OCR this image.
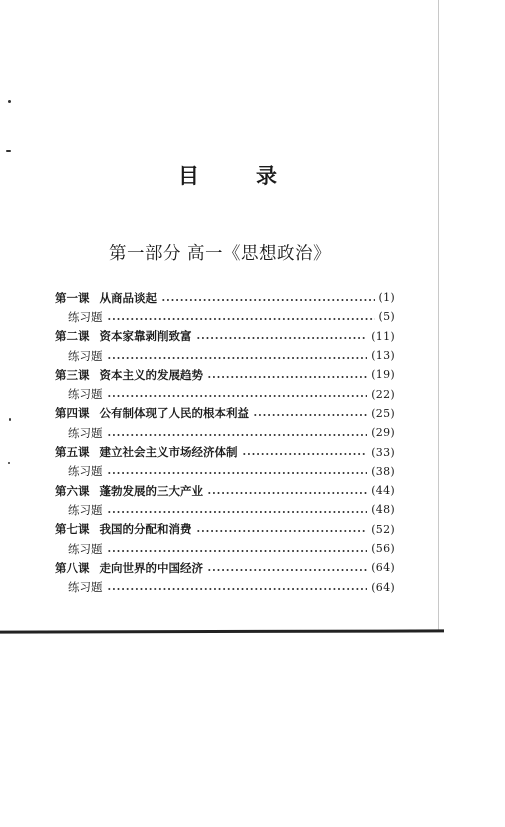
目	录
第一部分 高一《思想政治》
第一课 从商品谈起	(1)
练习题	(5)
第二课 资本家靠剥削致富	(11)
练习题	(13)
第三课 资本主义的发展趋势	(19)
练习题	(22)
第四课 公有制体现了人民的根本利益	(25)
练习题	(29)
第五课 建立社会主义市场经济体制	(33)
练习题	(38)
第六课 蓬勃发展的三大产业	(44)
练习题	(48)
第七课 我国的分配和消费	(52)
练习题	(56)
第八课 走向世界的中国经济	(64)
练习题	(64)
